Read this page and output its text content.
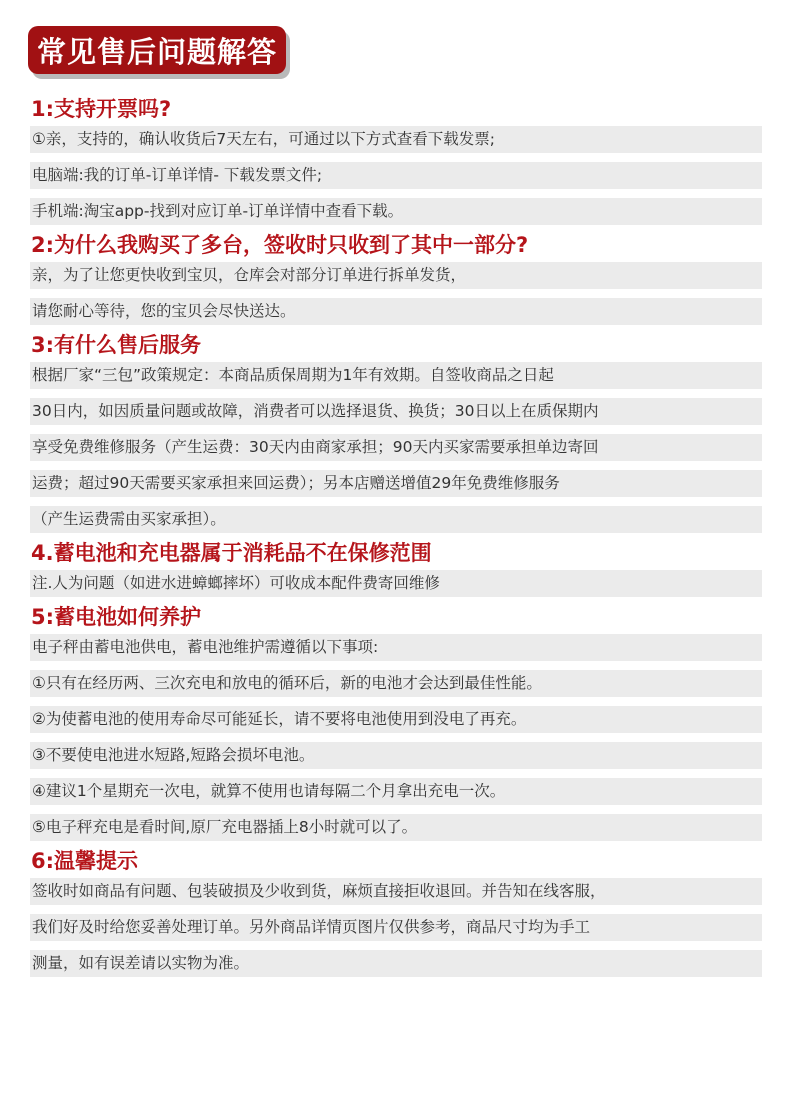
常见售后问题解答
1:支持开票吗?
①亲，支持的，确认收货后7天左右，可通过以下方式查看下载发票;
电脑端:我的订单-订单详情- 下载发票文件;
手机端:淘宝app-找到对应订单-订单详情中查看下载。
2:为什么我购买了多台，签收时只收到了其中一部分?
亲，为了让您更快收到宝贝，仓库会对部分订单进行拆单发货，
请您耐心等待，您的宝贝会尽快送达。
3:有什么售后服务
根据厂家“三包”政策规定：本商品质保周期为1年有效期。自签收商品之日起
30日内，如因质量问题或故障，消费者可以选择退货、换货；30日以上在质保期内
享受免费维修服务（产生运费：30天内由商家承担；90天内买家需要承担单边寄回
运费；超过90天需要买家承担来回运费）；另本店赠送增值29年免费维修服务
（产生运费需由买家承担）。
4.蓄电池和充电器属于消耗品不在保修范围
注.人为问题（如进水进蟑螂摔坏）可收成本配件费寄回维修
5:蓄电池如何养护
电子秤由蓄电池供电，蓄电池维护需遵循以下事项:
①只有在经历两、三次充电和放电的循环后，新的电池才会达到最佳性能。
②为使蓄电池的使用寿命尽可能延长，请不要将电池使用到没电了再充。
③不要使电池进水短路,短路会损坏电池。
④建议1个星期充一次电，就算不使用也请每隔二个月拿出充电一次。
⑤电子秤充电是看时间,原厂充电器插上8小时就可以了。
6:温馨提示
签收时如商品有问题、包装破损及少收到货，麻烦直接拒收退回。并告知在线客服，
我们好及时给您妥善处理订单。另外商品详情页图片仅供参考，商品尺寸均为手工
测量，如有误差请以实物为准。
